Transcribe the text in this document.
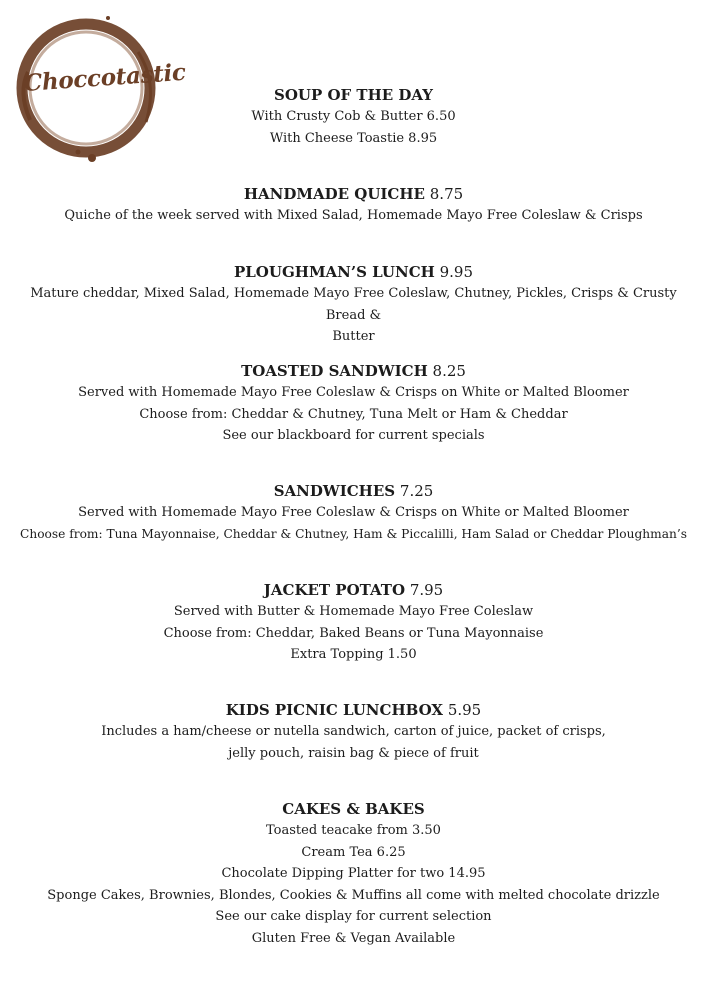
Choccotastic	SOUP OF THE DAY

With Crusty Cob & Butter 6.50

With Cheese Toastie 8.95

HANDMADE QUICHE 8.75

Quiche of the week served with Mixed Salad, Homemade Mayo Free Coleslaw & Crisps

PLOUGHMAN’S LUNCH 9.95

Mature cheddar, Mixed Salad, Homemade Mayo Free Coleslaw, Chutney, Pickles, Crisps & Crusty Bread &

Butter

TOASTED SANDWICH 8.25

Served with Homemade Mayo Free Coleslaw & Crisps on White or Malted Bloomer

Choose from: Cheddar & Chutney, Tuna Melt or Ham & Cheddar

See our blackboard for current specials

SANDWICHES 7.25

Served with Homemade Mayo Free Coleslaw & Crisps on White or Malted Bloomer

Choose from: Tuna Mayonnaise, Cheddar & Chutney, Ham & Piccalilli, Ham Salad or Cheddar Ploughman’s

JACKET POTATO 7.95

Served with Butter & Homemade Mayo Free Coleslaw

Choose from: Cheddar, Baked Beans or Tuna Mayonnaise

Extra Topping 1.50

KIDS PICNIC LUNCHBOX 5.95

Includes a ham/cheese or nutella sandwich, carton of juice, packet of crisps,

jelly pouch, raisin bag & piece of fruit

CAKES & BAKES

Toasted teacake from 3.50

Cream Tea 6.25

Chocolate Dipping Platter for two 14.95

Sponge Cakes, Brownies, Blondes, Cookies & Muffins all come with melted chocolate drizzle

See our cake display for current selection

Gluten Free & Vegan Available
